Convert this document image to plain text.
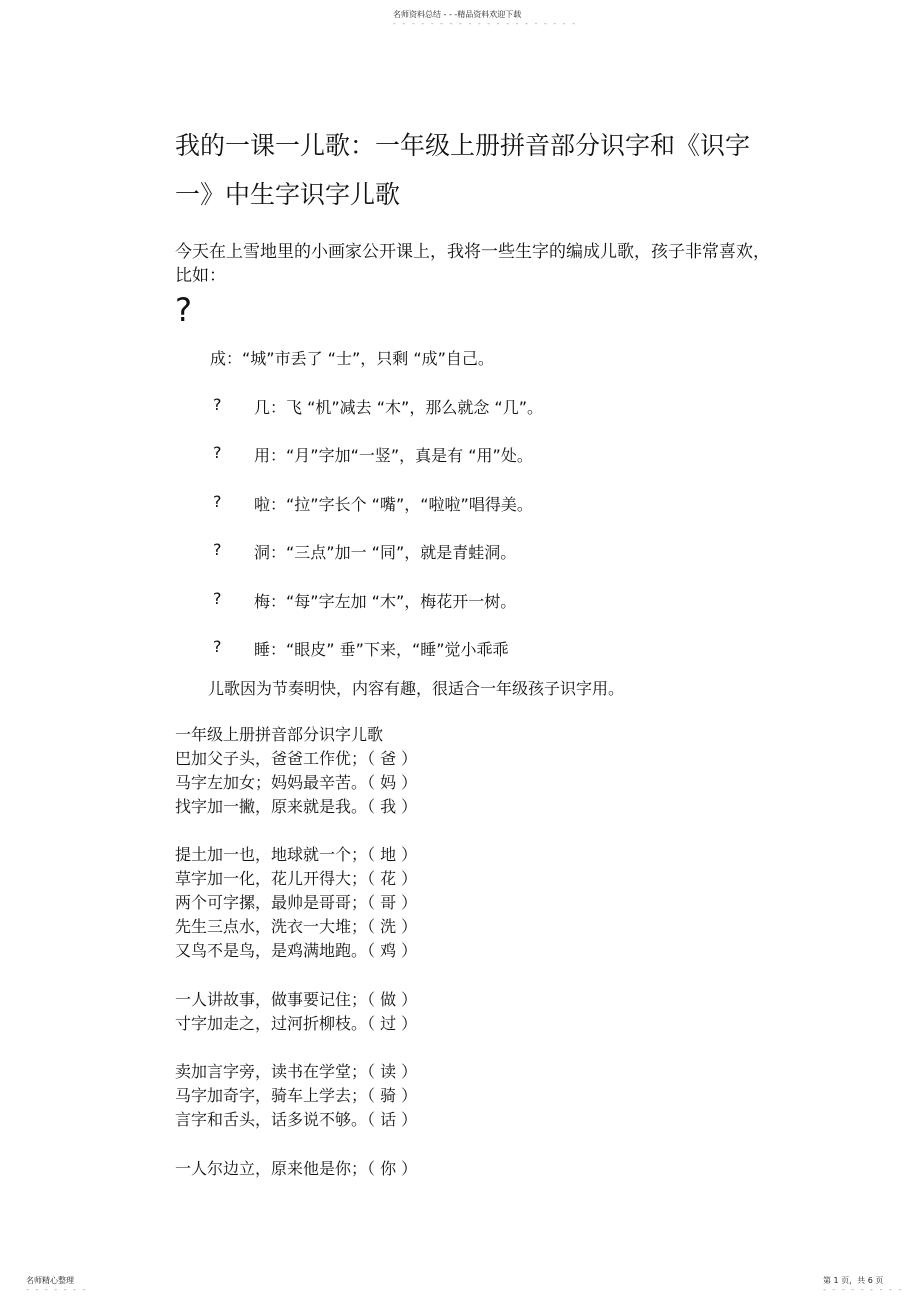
名师资料总结 - - -精品资料欢迎下载
- - - - - - - - - - - - - - - - - - - -
我的一课一儿歌：一年级上册拼音部分识字和《识字
一》中生字识字儿歌
今天在上雪地里的小画家公开课上，我将一些生字的编成儿歌，孩子非常喜欢，
比如：
?
成：“城”市丢了 “士”，只剩 “成”自己。
? 几：飞 “机”减去 “木”，那么就念 “几”。
? 用：“月”字加“一竖”，真是有 “用”处。
? 啦：“拉”字长个 “嘴”，“啦啦”唱得美。
? 洞：“三点”加一 “同”，就是青蛙洞。
? 梅：“每”字左加 “木”，梅花开一树。
? 睡：“眼皮” 垂”下来，“睡”觉小乖乖
儿歌因为节奏明快，内容有趣，很适合一年级孩子识字用。
一年级上册拼音部分识字儿歌
巴加父子头，爸爸工作优；（ 爸 ）
马字左加女；妈妈最辛苦。（ 妈 ）
找字加一撇，原来就是我。（ 我 ）
提土加一也，地球就一个；（ 地 ）
草字加一化，花儿开得大；（ 花 ）
两个可字摞，最帅是哥哥；（ 哥 ）
先生三点水，洗衣一大堆；（ 洗 ）
又鸟不是鸟，是鸡满地跑。（ 鸡 ）
一人讲故事，做事要记住；（ 做 ）
寸字加走之，过河折柳枝。（ 过 ）
卖加言字旁，读书在学堂；（ 读 ）
马字加奇字，骑车上学去；（ 骑 ）
言字和舌头，话多说不够。（ 话 ）
一人尔边立，原来他是你；（ 你 ）
名师精心整理
- - - - - - -
第 1 页，共 6 页
- - - - - - - - -
